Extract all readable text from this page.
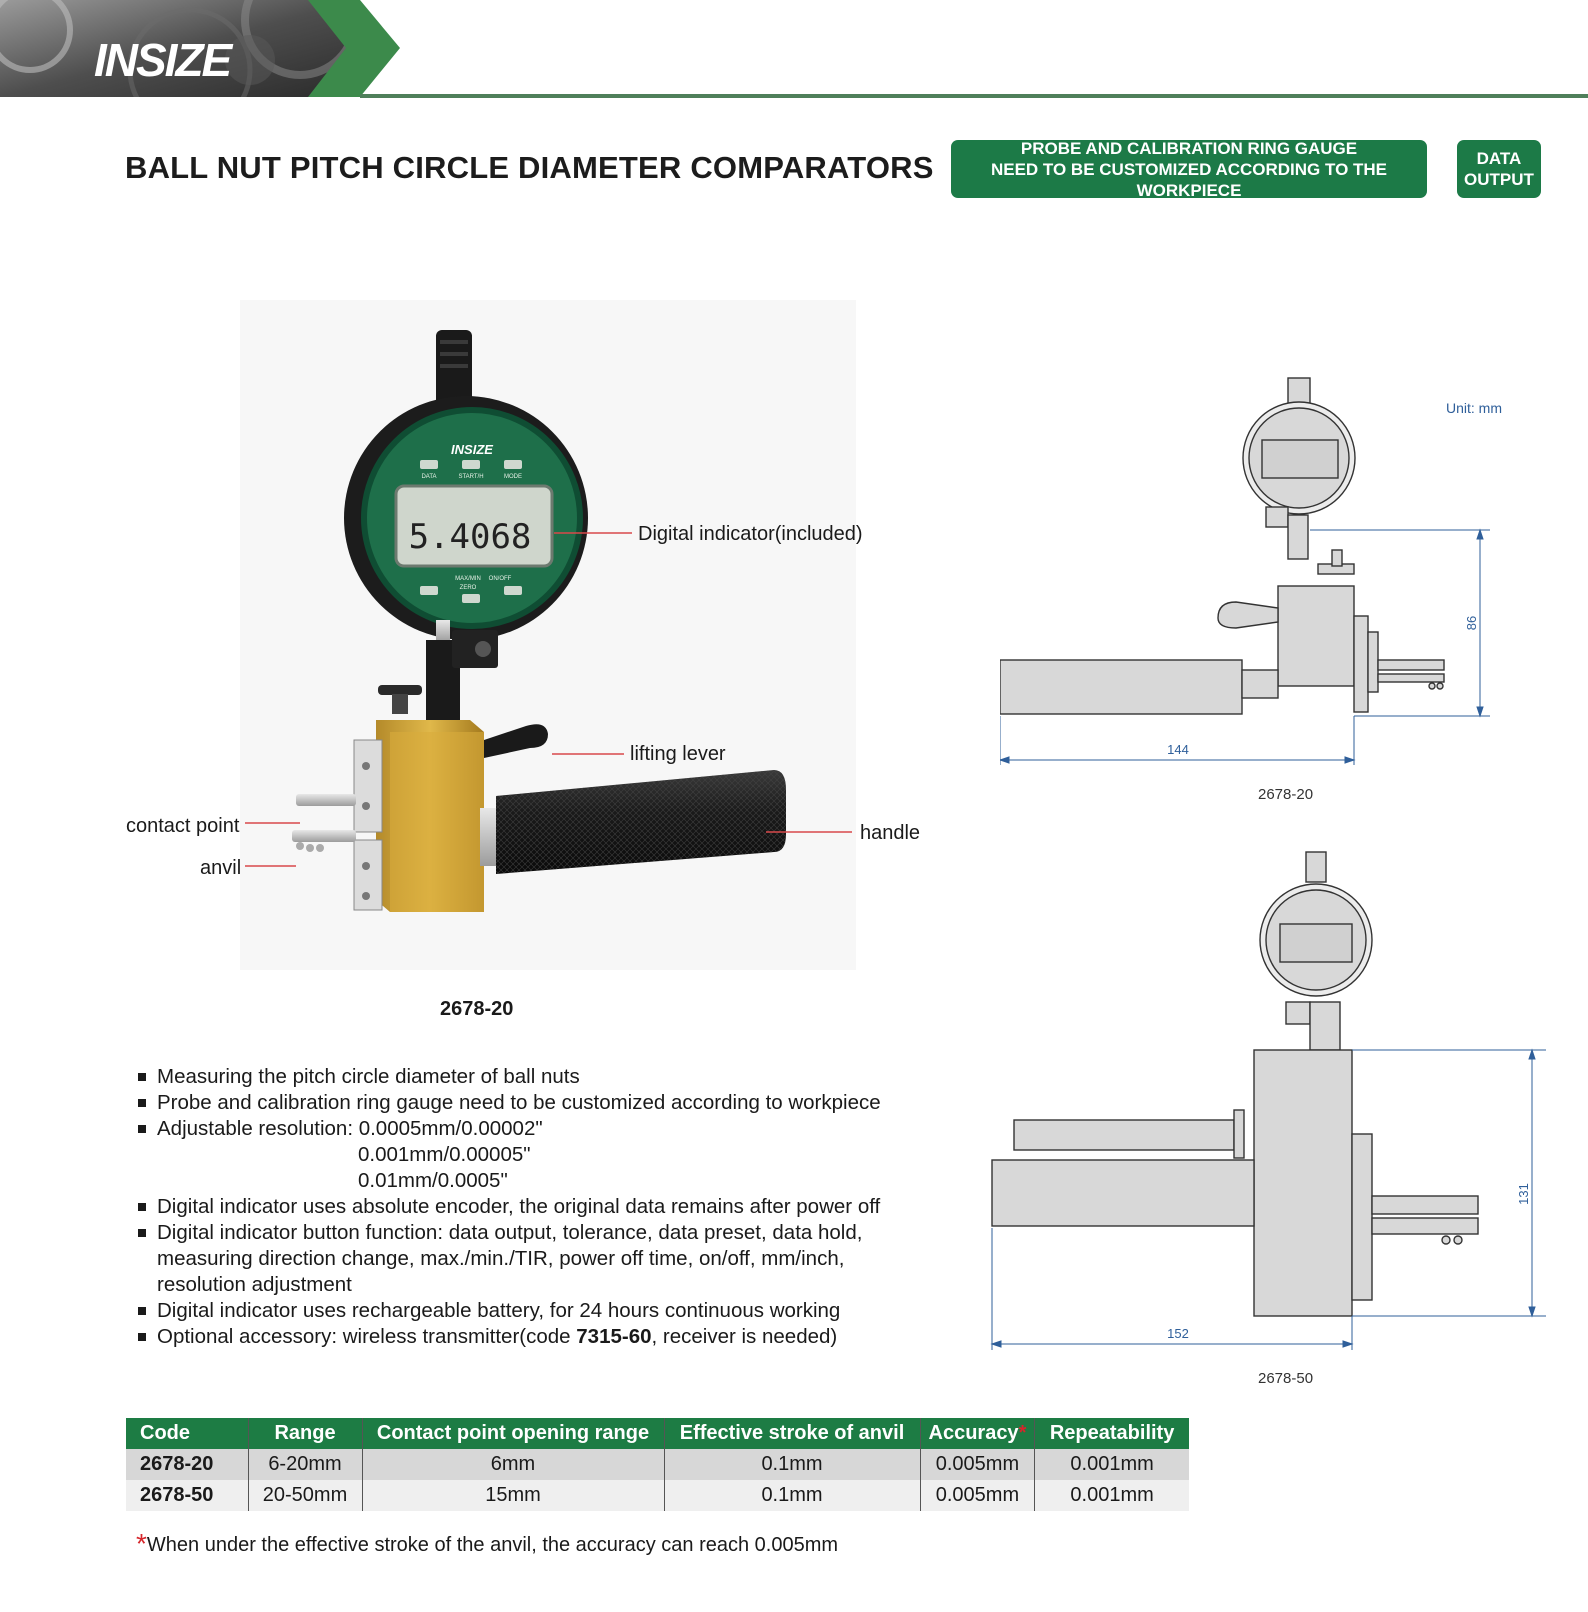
INSIZE
BALL NUT PITCH CIRCLE DIAMETER COMPARATORS
PROBE AND CALIBRATION RING GAUGE
NEED TO BE CUSTOMIZED ACCORDING TO THE WORKPIECE
DATA
OUTPUT
5.4068
INSIZE
DATA	START/H	MODE
MAX/MIN ON/OFF
ZERO
Digital indicator(included)
lifting lever
contact point	handle
anvil
2678-20
Measuring the pitch circle diameter of ball nuts
Probe and calibration ring gauge need to be customized according to workpiece
Adjustable resolution: 0.0005mm/0.00002"
0.001mm/0.00005"
0.01mm/0.0005"
Digital indicator uses absolute encoder, the original data remains after power off
Digital indicator button function: data output, tolerance, data preset, data hold,
measuring direction change, max./min./TIR, power off time, on/off, mm/inch,
resolution adjustment
Digital indicator uses rechargeable battery, for 24 hours continuous working
Optional accessory: wireless transmitter(code 7315-60, receiver is needed)
Unit: mm
144
86
2678-20
152
131
2678-50
Code	Range	Contact point opening range	Effective stroke of anvil	Accuracy*	Repeatability
2678-20	6-20mm	6mm	0.1mm	0.005mm	0.001mm
2678-50	20-50mm	15mm	0.1mm	0.005mm	0.001mm
*When under the effective stroke of the anvil, the accuracy can reach 0.005mm
